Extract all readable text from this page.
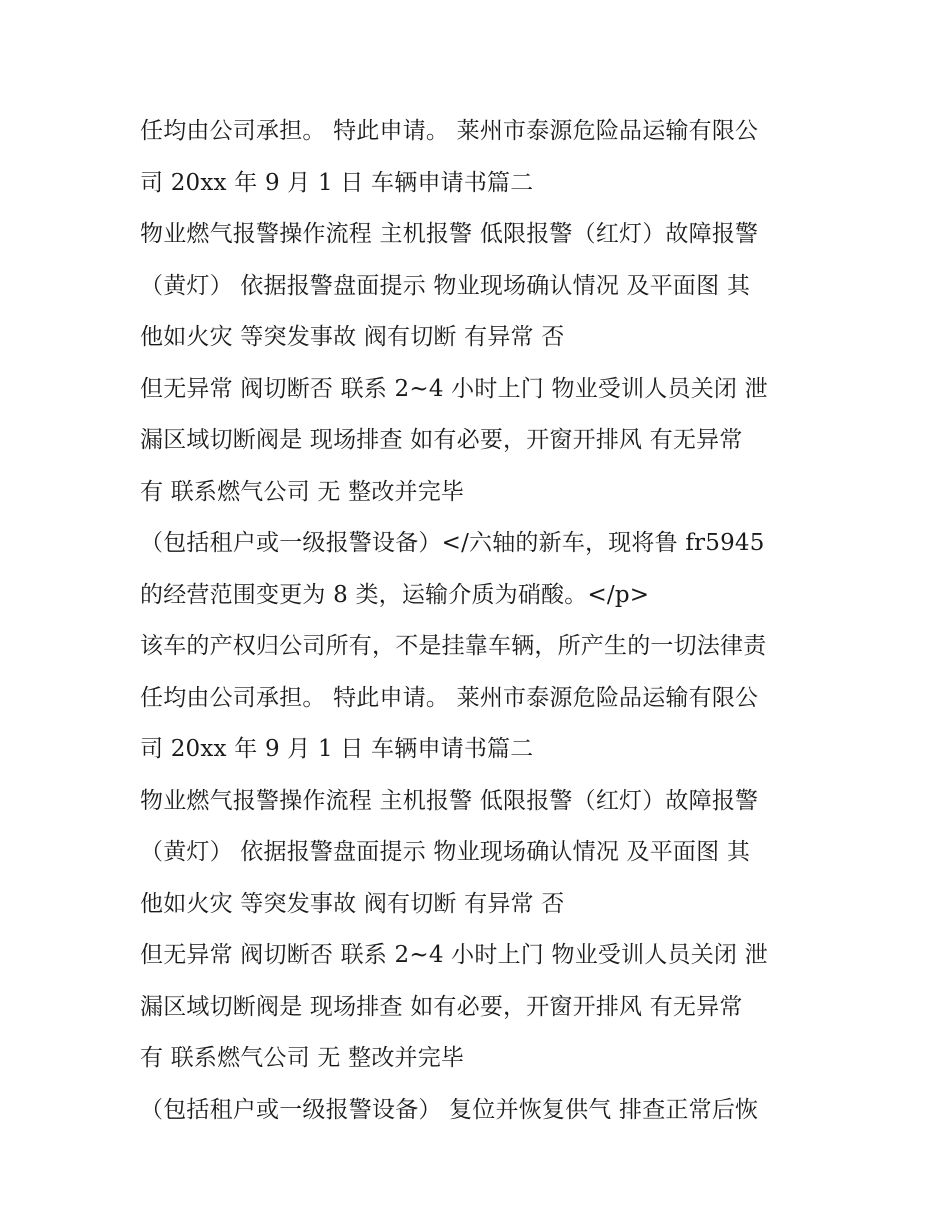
任均由公司承担。 特此申请。 莱州市泰源危险品运输有限公
司 20xx 年 9 月 1 日 车辆申请书篇二
物业燃气报警操作流程 主机报警 低限报警（红灯）故障报警
（黄灯） 依据报警盘面提示 物业现场确认情况 及平面图 其
他如火灾 等突发事故 阀有切断 有异常 否
但无异常 阀切断否 联系 2~4 小时上门 物业受训人员关闭 泄
漏区域切断阀是 现场排查 如有必要，开窗开排风 有无异常
有 联系燃气公司 无 整改并完毕
（包括租户或一级报警设备）</六轴的新车，现将鲁 fr5945
的经营范围变更为 8 类，运输介质为硝酸。</p>
该车的产权归公司所有，不是挂靠车辆，所产生的一切法律责
任均由公司承担。 特此申请。 莱州市泰源危险品运输有限公
司 20xx 年 9 月 1 日 车辆申请书篇二
物业燃气报警操作流程 主机报警 低限报警（红灯）故障报警
（黄灯） 依据报警盘面提示 物业现场确认情况 及平面图 其
他如火灾 等突发事故 阀有切断 有异常 否
但无异常 阀切断否 联系 2~4 小时上门 物业受训人员关闭 泄
漏区域切断阀是 现场排查 如有必要，开窗开排风 有无异常
有 联系燃气公司 无 整改并完毕
（包括租户或一级报警设备） 复位并恢复供气 排查正常后恢
